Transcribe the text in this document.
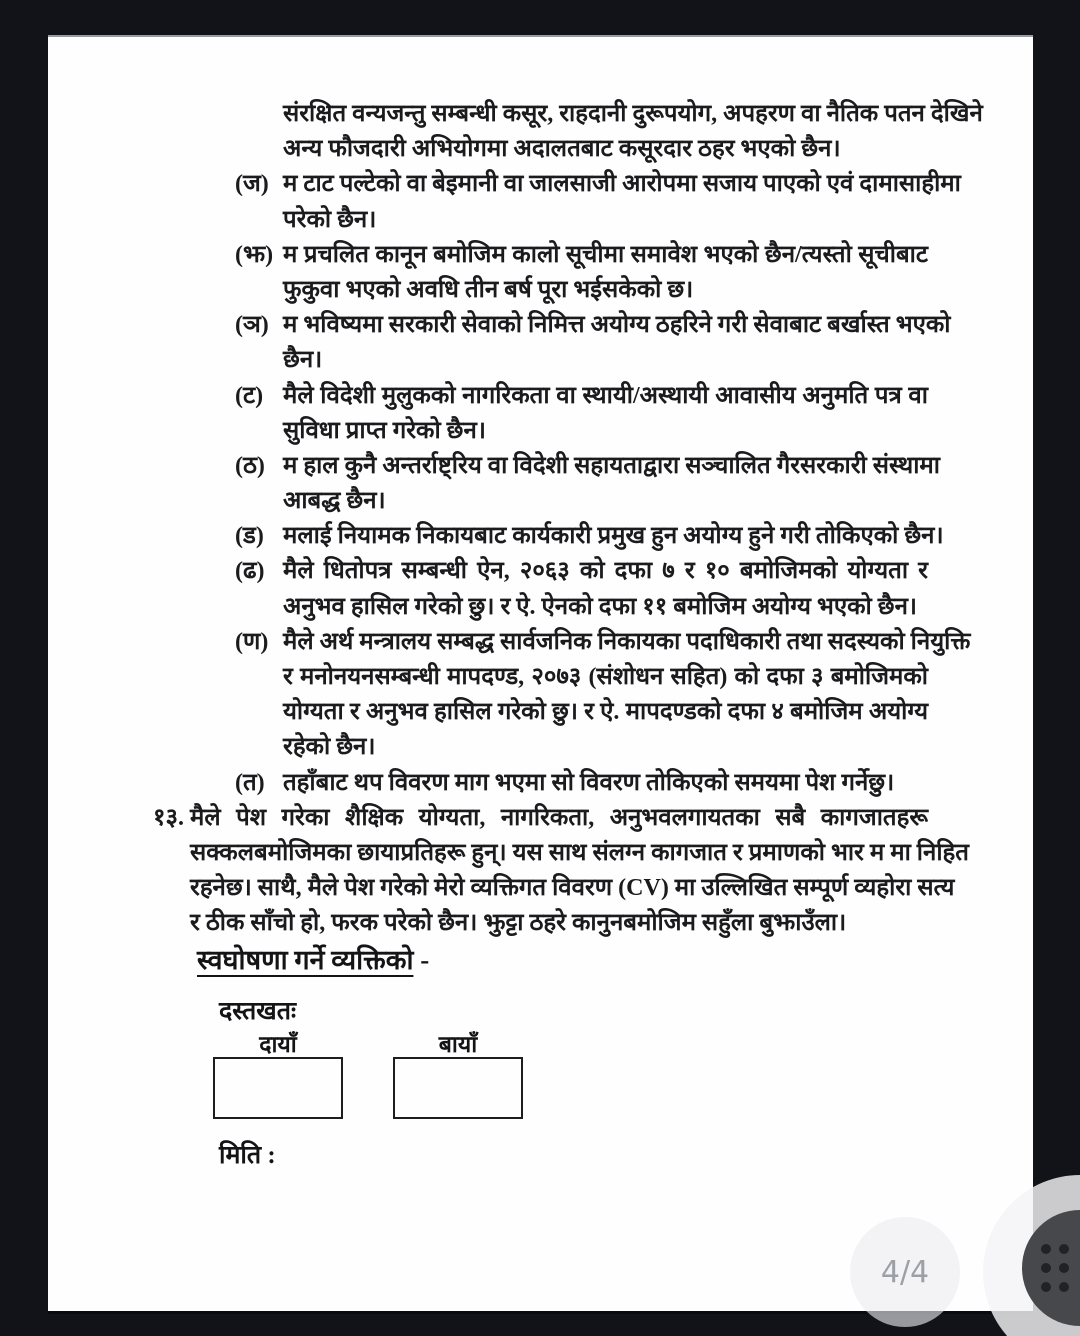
संरक्षित वन्यजन्तु सम्बन्धी कसूर, राहदानी दुरूपयोग, अपहरण वा नैतिक पतन देखिने
अन्य फौजदारी अभियोगमा अदालतबाट कसूरदार ठहर भएको छैन।
(ज) म टाट पल्टेको वा बेइमानी वा जालसाजी आरोपमा सजाय पाएको एवं दामासाहीमा
परेको छैन।
(झ) म प्रचलित कानून बमोजिम कालो सूचीमा समावेश भएको छैन/त्यस्तो सूचीबाट
फुकुवा भएको अवधि तीन बर्ष पूरा भईसकेको छ।
(ञ) म भविष्यमा सरकारी सेवाको निमित्त अयोग्य ठहरिने गरी सेवाबाट बर्खास्त भएको
छैन।
(ट) मैले विदेशी मुलुकको नागरिकता वा स्थायी/अस्थायी आवासीय अनुमति पत्र वा
सुविधा प्राप्त गरेको छैन।
(ठ) म हाल कुनै अन्तर्राष्ट्रिय वा विदेशी सहायताद्वारा सञ्चालित गैरसरकारी संस्थामा
आबद्ध छैन।
(ड) मलाई नियामक निकायबाट कार्यकारी प्रमुख हुन अयोग्य हुने गरी तोकिएको छैन।
(ढ) मैले धितोपत्र सम्बन्धी ऐन, २०६३ को दफा ७ र १० बमोजिमको योग्यता र
अनुभव हासिल गरेको छु। र ऐ. ऐनको दफा ११ बमोजिम अयोग्य भएको छैन।
(ण) मैले अर्थ मन्त्रालय सम्बद्ध सार्वजनिक निकायका पदाधिकारी तथा सदस्यको नियुक्ति
र मनोनयनसम्बन्धी मापदण्ड, २०७३ (संशोधन सहित) को दफा ३ बमोजिमको
योग्यता र अनुभव हासिल गरेको छु। र ऐ. मापदण्डको दफा ४ बमोजिम अयोग्य
रहेको छैन।
(त) तहाँबाट थप विवरण माग भएमा सो विवरण तोकिएको समयमा पेश गर्नेछु।
१३. मैले पेश गरेका शैक्षिक योग्यता, नागरिकता, अनुभवलगायतका सबै कागजातहरू
सक्कलबमोजिमका छायाप्रतिहरू हुन्। यस साथ संलग्न कागजात र प्रमाणको भार म मा निहित
रहनेछ। साथै, मैले पेश गरेको मेरो व्यक्तिगत विवरण (CV) मा उल्लिखित सम्पूर्ण व्यहोरा सत्य
र ठीक साँचो हो, फरक परेको छैन। झुट्टा ठहरे कानुनबमोजिम सहुँला बुझाउँला।
स्वघोषणा गर्ने व्यक्तिको -
दस्तखतः
दायाँ	बायाँ
मिति :
4/4
